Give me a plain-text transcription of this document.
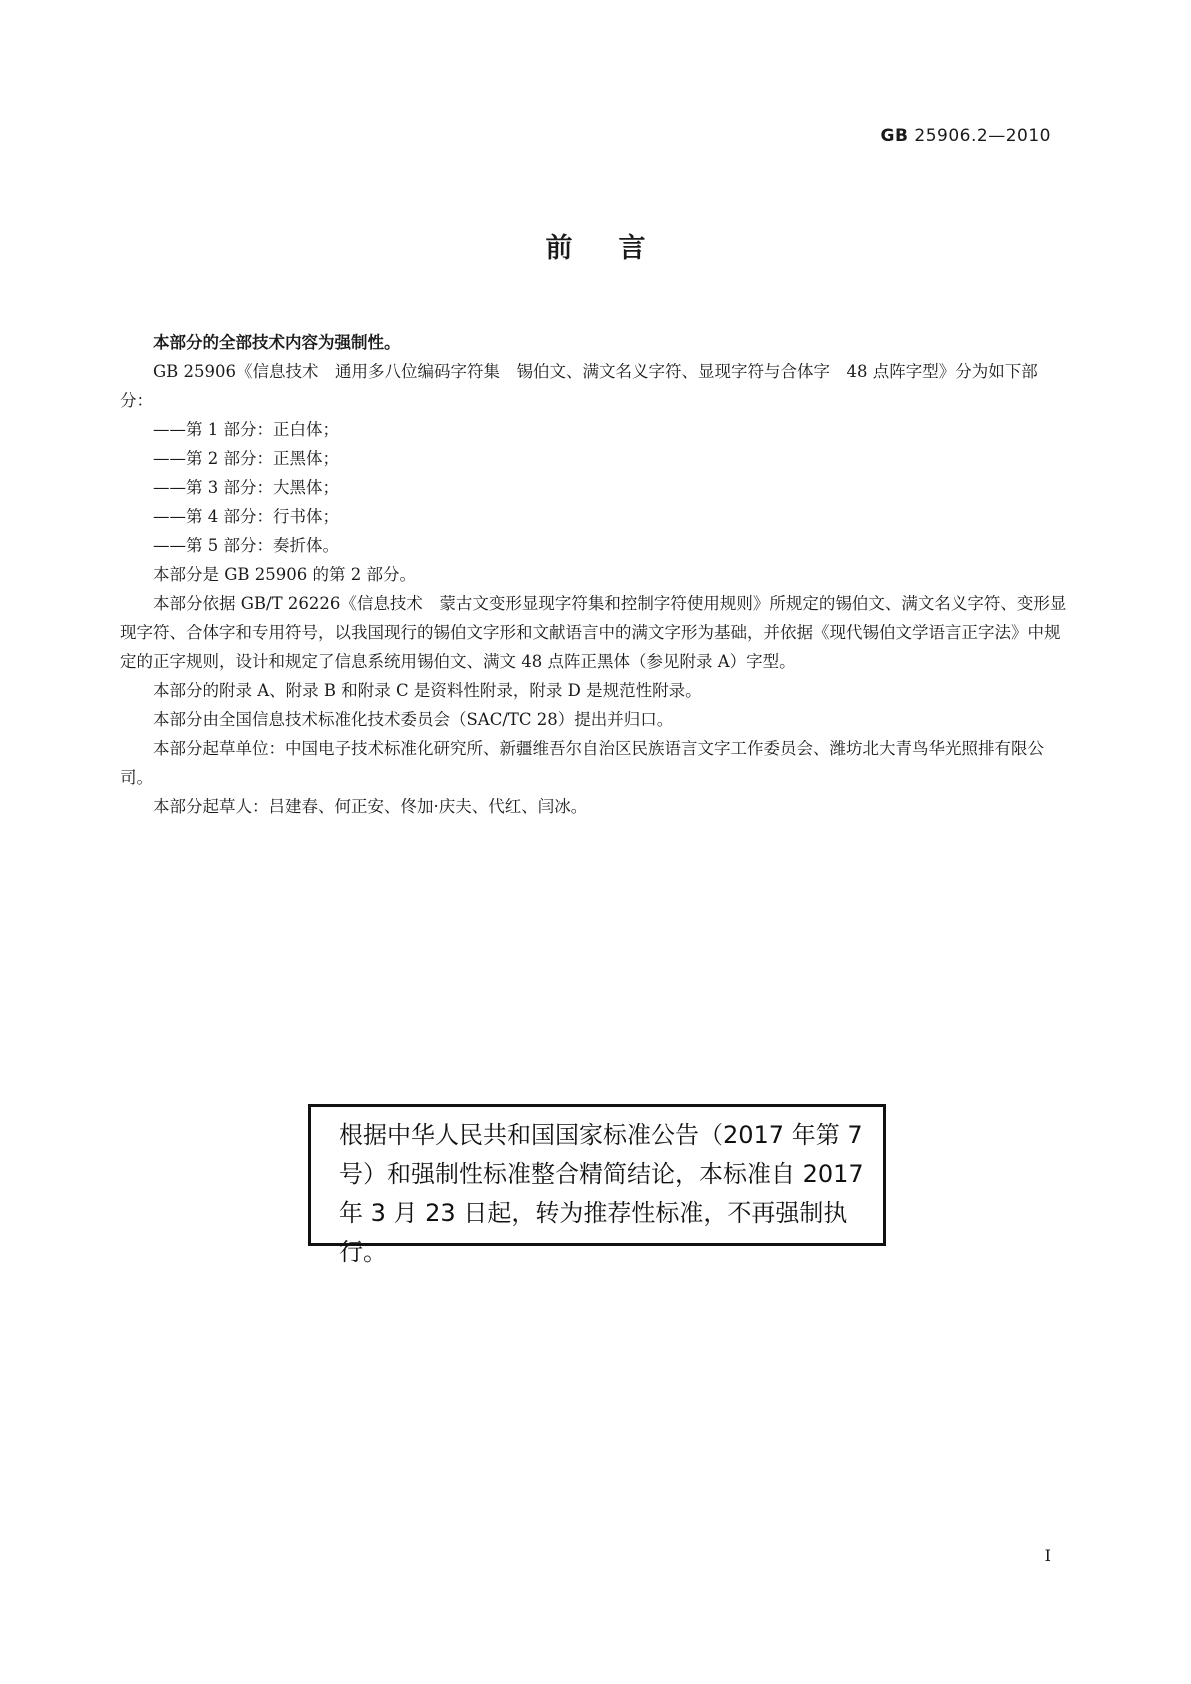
GB 25906.2—2010
前言

本部分的全部技术内容为强制性。

GB 25906《信息技术　通用多八位编码字符集　锡伯文、满文名义字符、显现字符与合体字　48 点阵字型》分为如下部分：

——第 1 部分：正白体；

——第 2 部分：正黑体；

——第 3 部分：大黑体；

——第 4 部分：行书体；

——第 5 部分：奏折体。

本部分是 GB 25906 的第 2 部分。

本部分依据 GB/T 26226《信息技术　蒙古文变形显现字符集和控制字符使用规则》所规定的锡伯文、满文名义字符、变形显现字符、合体字和专用符号，以我国现行的锡伯文字形和文献语言中的满文字形为基础，并依据《现代锡伯文学语言正字法》中规定的正字规则，设计和规定了信息系统用锡伯文、满文 48 点阵正黑体（参见附录 A）字型。

本部分的附录 A、附录 B 和附录 C 是资料性附录，附录 D 是规范性附录。

本部分由全国信息技术标准化技术委员会（SAC/TC 28）提出并归口。

本部分起草单位：中国电子技术标准化研究所、新疆维吾尔自治区民族语言文字工作委员会、潍坊北大青鸟华光照排有限公司。

本部分起草人：吕建春、何正安、佟加·庆夫、代红、闫冰。

根据中华人民共和国国家标准公告（2017 年第 7 号）和强制性标准整合精简结论，本标准自 2017 年 3 月 23 日起，转为推荐性标准，不再强制执行。
I
